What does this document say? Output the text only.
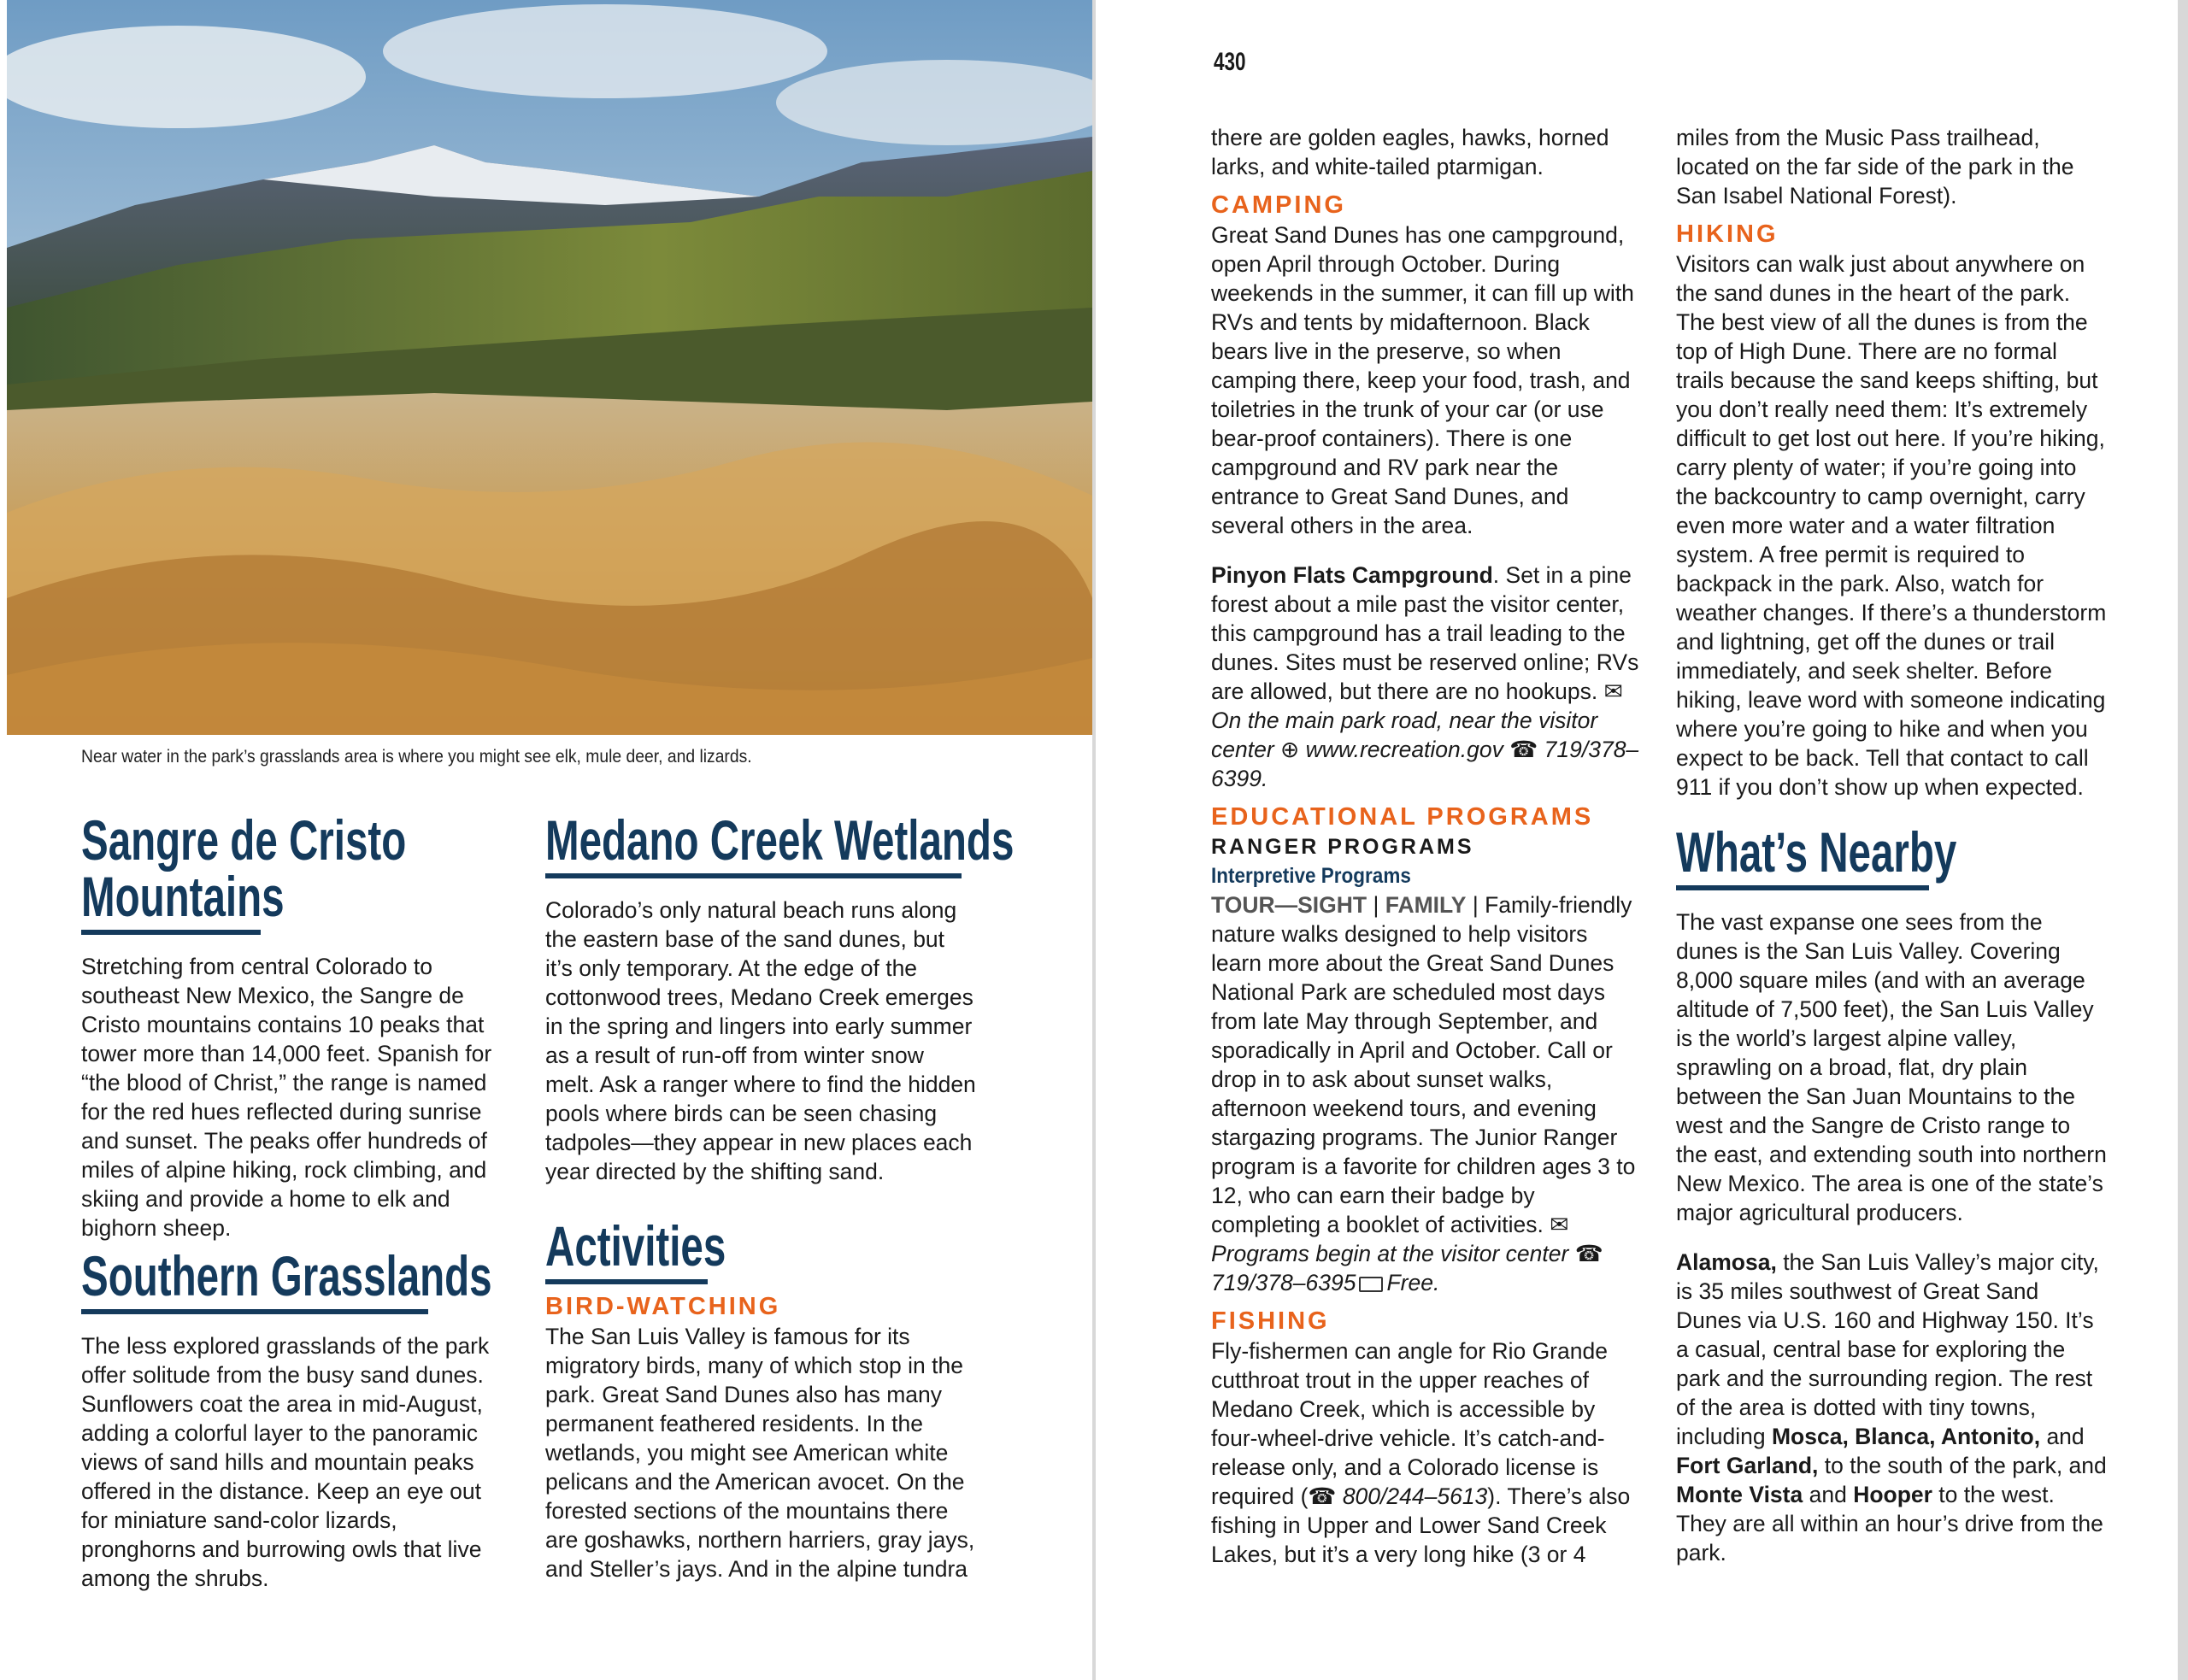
Near water in the park’s grasslands area is where you might see elk, mule deer, and lizards.
Sangre de Cristo
Mountains

Stretching from central Colorado to southeast New Mexico, the Sangre de Cristo mountains contains 10 peaks that tower more than 14,000 feet. Spanish for “the blood of Christ,” the range is named for the red hues reflected during sunrise and sunset. The peaks offer hundreds of miles of alpine hiking, rock climbing, and skiing and provide a home to elk and bighorn sheep.

Southern Grasslands

The less explored grasslands of the park offer solitude from the busy sand dunes. Sunflowers coat the area in mid-August, adding a colorful layer to the panoramic views of sand hills and mountain peaks offered in the distance. Keep an eye out for miniature sand-color lizards, pronghorns and burrowing owls that live among the shrubs.

Medano Creek Wetlands

Colorado’s only natural beach runs along the eastern base of the sand dunes, but it’s only temporary. At the edge of the cottonwood trees, Medano Creek emerges in the spring and lingers into early summer as a result of run-off from winter snow melt. Ask a ranger where to find the hidden pools where birds can be seen chasing tadpoles—they appear in new places each year directed by the shifting sand.

Activities
BIRD-WATCHING

The San Luis Valley is famous for its migratory birds, many of which stop in the park. Great Sand Dunes also has many permanent feathered residents. In the wetlands, you might see American white pelicans and the American avocet. On the forested sections of the mountains there are goshawks, northern harriers, gray jays, and Steller’s jays. And in the alpine tundra

430

there are golden eagles, hawks, horned larks, and white-tailed ptarmigan.

CAMPING

Great Sand Dunes has one campground, open April through October. During weekends in the summer, it can fill up with RVs and tents by midafternoon. Black bears live in the preserve, so when camping there, keep your food, trash, and toiletries in the trunk of your car (or use bear-proof containers). There is one campground and RV park near the entrance to Great Sand Dunes, and several others in the area.

Pinyon Flats Campground. Set in a pine forest about a mile past the visitor center, this campground has a trail leading to the dunes. Sites must be reserved online; RVs are allowed, but there are no hookups. ✉ On the main park road, near the visitor center ⊕ www.recreation.gov ☎ 719/378–6399.

EDUCATIONAL PROGRAMS
RANGER PROGRAMS
Interpretive Programs

TOUR—SIGHT | FAMILY | Family-friendly nature walks designed to help visitors learn more about the Great Sand Dunes National Park are scheduled most days from late May through September, and sporadically in April and October. Call or drop in to ask about sunset walks, afternoon weekend tours, and evening stargazing programs. The Junior Ranger program is a favorite for children ages 3 to 12, who can earn their badge by completing a booklet of activities. ✉ Programs begin at the visitor center ☎ 719/378–6395 Free.

FISHING

Fly-fishermen can angle for Rio Grande cutthroat trout in the upper reaches of Medano Creek, which is accessible by four-wheel-drive vehicle. It’s catch-and-release only, and a Colorado license is required (☎ 800/244–5613). There’s also fishing in Upper and Lower Sand Creek Lakes, but it’s a very long hike (3 or 4

miles from the Music Pass trailhead, located on the far side of the park in the San Isabel National Forest).

HIKING

Visitors can walk just about anywhere on the sand dunes in the heart of the park. The best view of all the dunes is from the top of High Dune. There are no formal trails because the sand keeps shifting, but you don’t really need them: It’s extremely difficult to get lost out here. If you’re hiking, carry plenty of water; if you’re going into the backcountry to camp overnight, carry even more water and a water filtration system. A free permit is required to backpack in the park. Also, watch for weather changes. If there’s a thunderstorm and lightning, get off the dunes or trail immediately, and seek shelter. Before hiking, leave word with someone indicating where you’re going to hike and when you expect to be back. Tell that contact to call 911 if you don’t show up when expected.

What’s Nearby

The vast expanse one sees from the dunes is the San Luis Valley. Covering 8,000 square miles (and with an average altitude of 7,500 feet), the San Luis Valley is the world’s largest alpine valley, sprawling on a broad, flat, dry plain between the San Juan Mountains to the west and the Sangre de Cristo range to the east, and extending south into northern New Mexico. The area is one of the state’s major agricultural producers.

Alamosa, the San Luis Valley’s major city, is 35 miles southwest of Great Sand Dunes via U.S. 160 and Highway 150. It’s a casual, central base for exploring the park and the surrounding region. The rest of the area is dotted with tiny towns, including Mosca, Blanca, Antonito, and Fort Garland, to the south of the park, and Monte Vista and Hooper to the west. They are all within an hour’s drive from the park.
